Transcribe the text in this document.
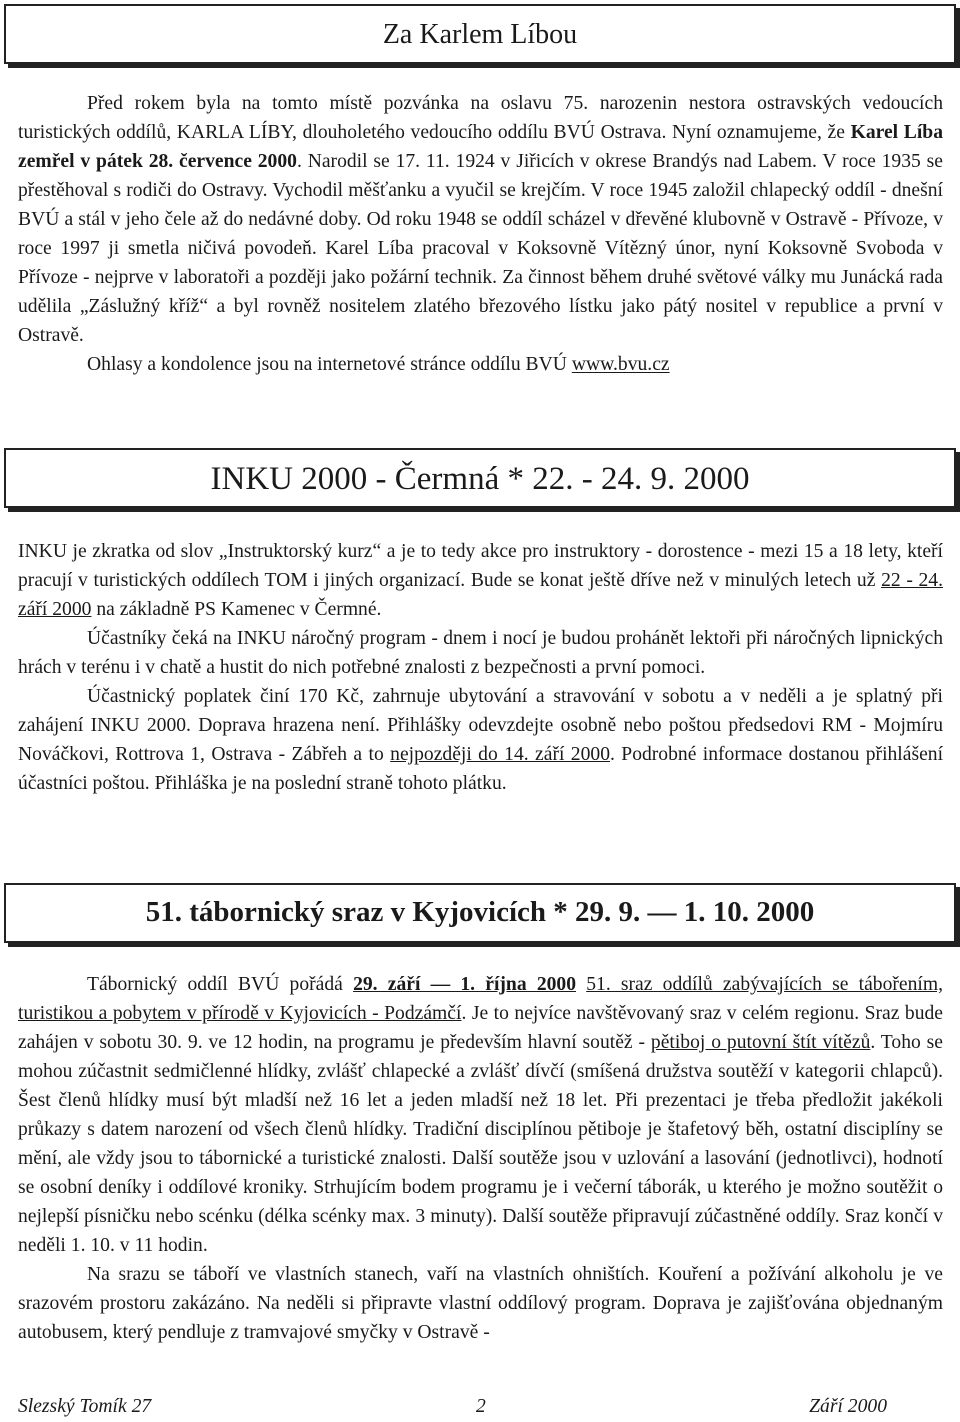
Za Karlem Líbou

Před rokem byla na tomto místě pozvánka na oslavu 75. narozenin nestora ostravských vedoucích turistických oddílů, KARLA LÍBY, dlouholetého vedoucího oddílu BVÚ Ostrava. Nyní oznamujeme, že Karel Líba zemřel v pátek 28. července 2000. Narodil se 17. 11. 1924 v Jiřicích v okrese Brandýs nad Labem. V roce 1935 se přestěhoval s rodiči do Ostravy. Vychodil měšťanku a vyučil se krejčím. V roce 1945 založil chlapecký oddíl - dnešní BVÚ a stál v jeho čele až do nedávné doby. Od roku 1948 se oddíl scházel v dřevěné klubovně v Ostravě - Přívoze, v roce 1997 ji smetla ničivá povodeň. Karel Líba pracoval v Koksovně Vítězný únor, nyní Koksovně Svoboda v Přívoze - nejprve v laboratoři a později jako požární technik. Za činnost během druhé světové války mu Junácká rada udělila „Záslužný kříž“ a byl rovněž nositelem zlatého březového lístku jako pátý nositel v republice a první v Ostravě.

Ohlasy a kondolence jsou na internetové stránce oddílu BVÚ www.bvu.cz

INKU 2000 - Čermná * 22. - 24. 9. 2000

INKU je zkratka od slov „Instruktorský kurz“ a je to tedy akce pro instruktory - dorostence - mezi 15 a 18 lety, kteří pracují v turistických oddílech TOM i jiných organizací. Bude se konat ještě dříve než v minulých letech už 22 - 24. září 2000 na základně PS Kamenec v Čermné.

Účastníky čeká na INKU náročný program - dnem i nocí je budou prohánět lektoři při náročných lipnických hrách v terénu i v chatě a hustit do nich potřebné znalosti z bezpečnosti a první pomoci.

Účastnický poplatek činí 170 Kč, zahrnuje ubytování a stravování v sobotu a v neděli a je splatný při zahájení INKU 2000. Doprava hrazena není. Přihlášky odevzdejte osobně nebo poštou předsedovi RM - Mojmíru Nováčkovi, Rottrova 1, Ostrava - Zábřeh a to nejpozději do 14. září 2000. Podrobné informace dostanou přihlášení účastníci poštou. Přihláška je na poslední straně tohoto plátku.

51. tábornický sraz v Kyjovicích * 29. 9. — 1. 10. 2000

Tábornický oddíl BVÚ pořádá 29. září — 1. října 2000 51. sraz oddílů zabývajících se tábořením, turistikou a pobytem v přírodě v Kyjovicích - Podzámčí. Je to nejvíce navštěvovaný sraz v celém regionu. Sraz bude zahájen v sobotu 30. 9. ve 12 hodin, na programu je především hlavní soutěž - pětiboj o putovní štít vítězů. Toho se mohou zúčastnit sedmičlenné hlídky, zvlášť chlapecké a zvlášť dívčí (smíšená družstva soutěží v kategorii chlapců). Šest členů hlídky musí být mladší než 16 let a jeden mladší než 18 let. Při prezentaci je třeba předložit jakékoli průkazy s datem narození od všech členů hlídky. Tradiční disciplínou pětiboje je štafetový běh, ostatní disciplíny se mění, ale vždy jsou to tábornické a turistické znalosti. Další soutěže jsou v uzlování a lasování (jednotlivci), hodnotí se osobní deníky i oddílové kroniky. Strhujícím bodem programu je i večerní táborák, u kterého je možno soutěžit o nejlepší písničku nebo scénku (délka scénky max. 3 minuty). Další soutěže připravují zúčastněné oddíly. Sraz končí v neděli 1. 10. v 11 hodin.

Na srazu se táboří ve vlastních stanech, vaří na vlastních ohništích. Kouření a požívání alkoholu je ve srazovém prostoru zakázáno. Na neděli si připravte vlastní oddílový program. Doprava je zajišťována objednaným autobusem, který pendluje z tramvajové smyčky v Ostravě -

Slezský Tomík 27	2	Září 2000
